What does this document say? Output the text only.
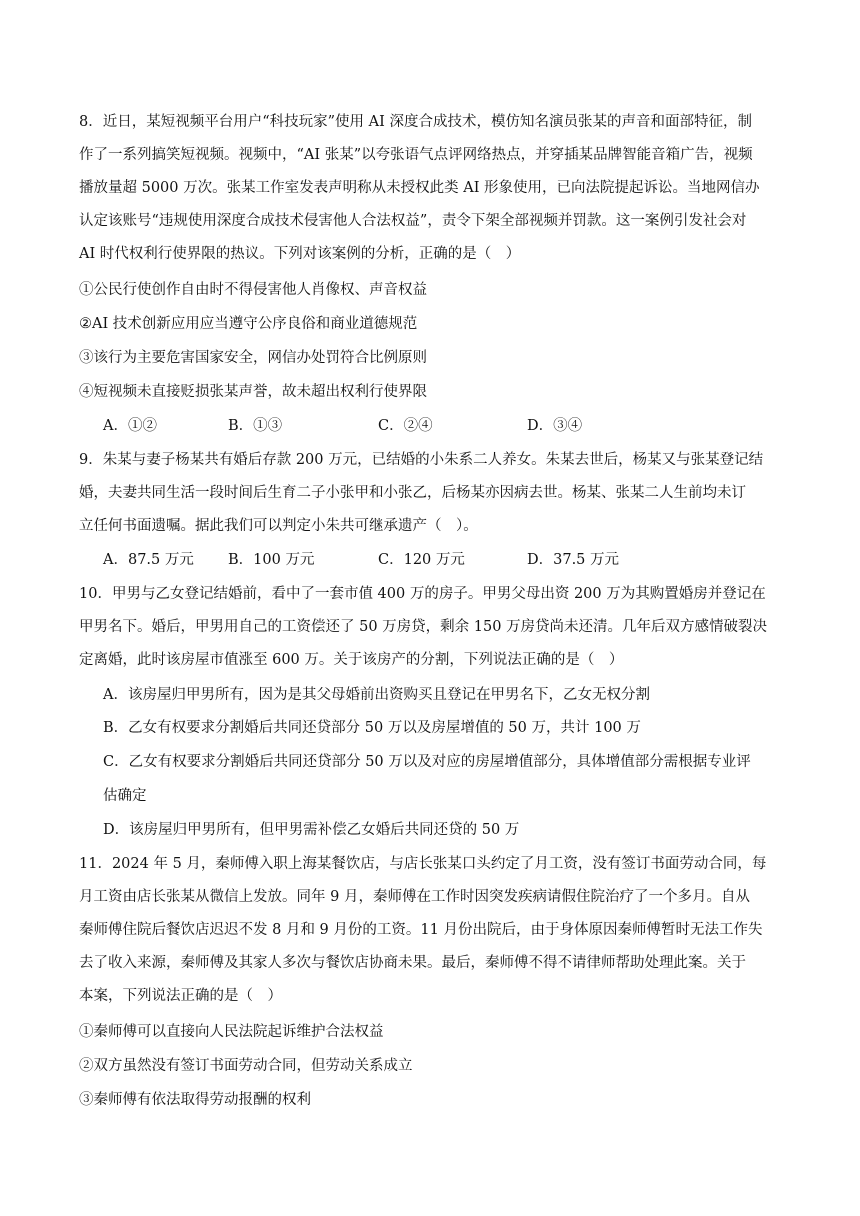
8．近日，某短视频平台用户“科技玩家”使用 AI 深度合成技术，模仿知名演员张某的声音和面部特征，制
作了一系列搞笑短视频。视频中，“AI 张某”以夸张语气点评网络热点，并穿插某品牌智能音箱广告，视频
播放量超 5000 万次。张某工作室发表声明称从未授权此类 AI 形象使用，已向法院提起诉讼。当地网信办
认定该账号“违规使用深度合成技术侵害他人合法权益”，责令下架全部视频并罚款。这一案例引发社会对
AI 时代权利行使界限的热议。下列对该案例的分析，正确的是（　）
①公民行使创作自由时不得侵害他人肖像权、声音权益
②AI 技术创新应用应当遵守公序良俗和商业道德规范
③该行为主要危害国家安全，网信办处罚符合比例原则
④短视频未直接贬损张某声誉，故未超出权利行使界限
A．①②	B．①③	C．②④	D．③④
9．朱某与妻子杨某共有婚后存款 200 万元，已结婚的小朱系二人养女。朱某去世后，杨某又与张某登记结
婚，夫妻共同生活一段时间后生育二子小张甲和小张乙，后杨某亦因病去世。杨某、张某二人生前均未订
立任何书面遗嘱。据此我们可以判定小朱共可继承遗产（　）。
A．87.5 万元 B．100 万元	C．120 万元	D．37.5 万元
10．甲男与乙女登记结婚前，看中了一套市值 400 万的房子。甲男父母出资 200 万为其购置婚房并登记在
甲男名下。婚后，甲男用自己的工资偿还了 50 万房贷，剩余 150 万房贷尚未还清。几年后双方感情破裂决
定离婚，此时该房屋市值涨至 600 万。关于该房产的分割，下列说法正确的是（　）
A．该房屋归甲男所有，因为是其父母婚前出资购买且登记在甲男名下，乙女无权分割
B．乙女有权要求分割婚后共同还贷部分 50 万以及房屋增值的 50 万，共计 100 万
C．乙女有权要求分割婚后共同还贷部分 50 万以及对应的房屋增值部分，具体增值部分需根据专业评
估确定
D．该房屋归甲男所有，但甲男需补偿乙女婚后共同还贷的 50 万
11．2024 年 5 月，秦师傅入职上海某餐饮店，与店长张某口头约定了月工资，没有签订书面劳动合同，每
月工资由店长张某从微信上发放。同年 9 月，秦师傅在工作时因突发疾病请假住院治疗了一个多月。自从
秦师傅住院后餐饮店迟迟不发 8 月和 9 月份的工资。11 月份出院后，由于身体原因秦师傅暂时无法工作失
去了收入来源，秦师傅及其家人多次与餐饮店协商未果。最后，秦师傅不得不请律师帮助处理此案。关于
本案，下列说法正确的是（　）
①秦师傅可以直接向人民法院起诉维护合法权益
②双方虽然没有签订书面劳动合同，但劳动关系成立
③秦师傅有依法取得劳动报酬的权利
